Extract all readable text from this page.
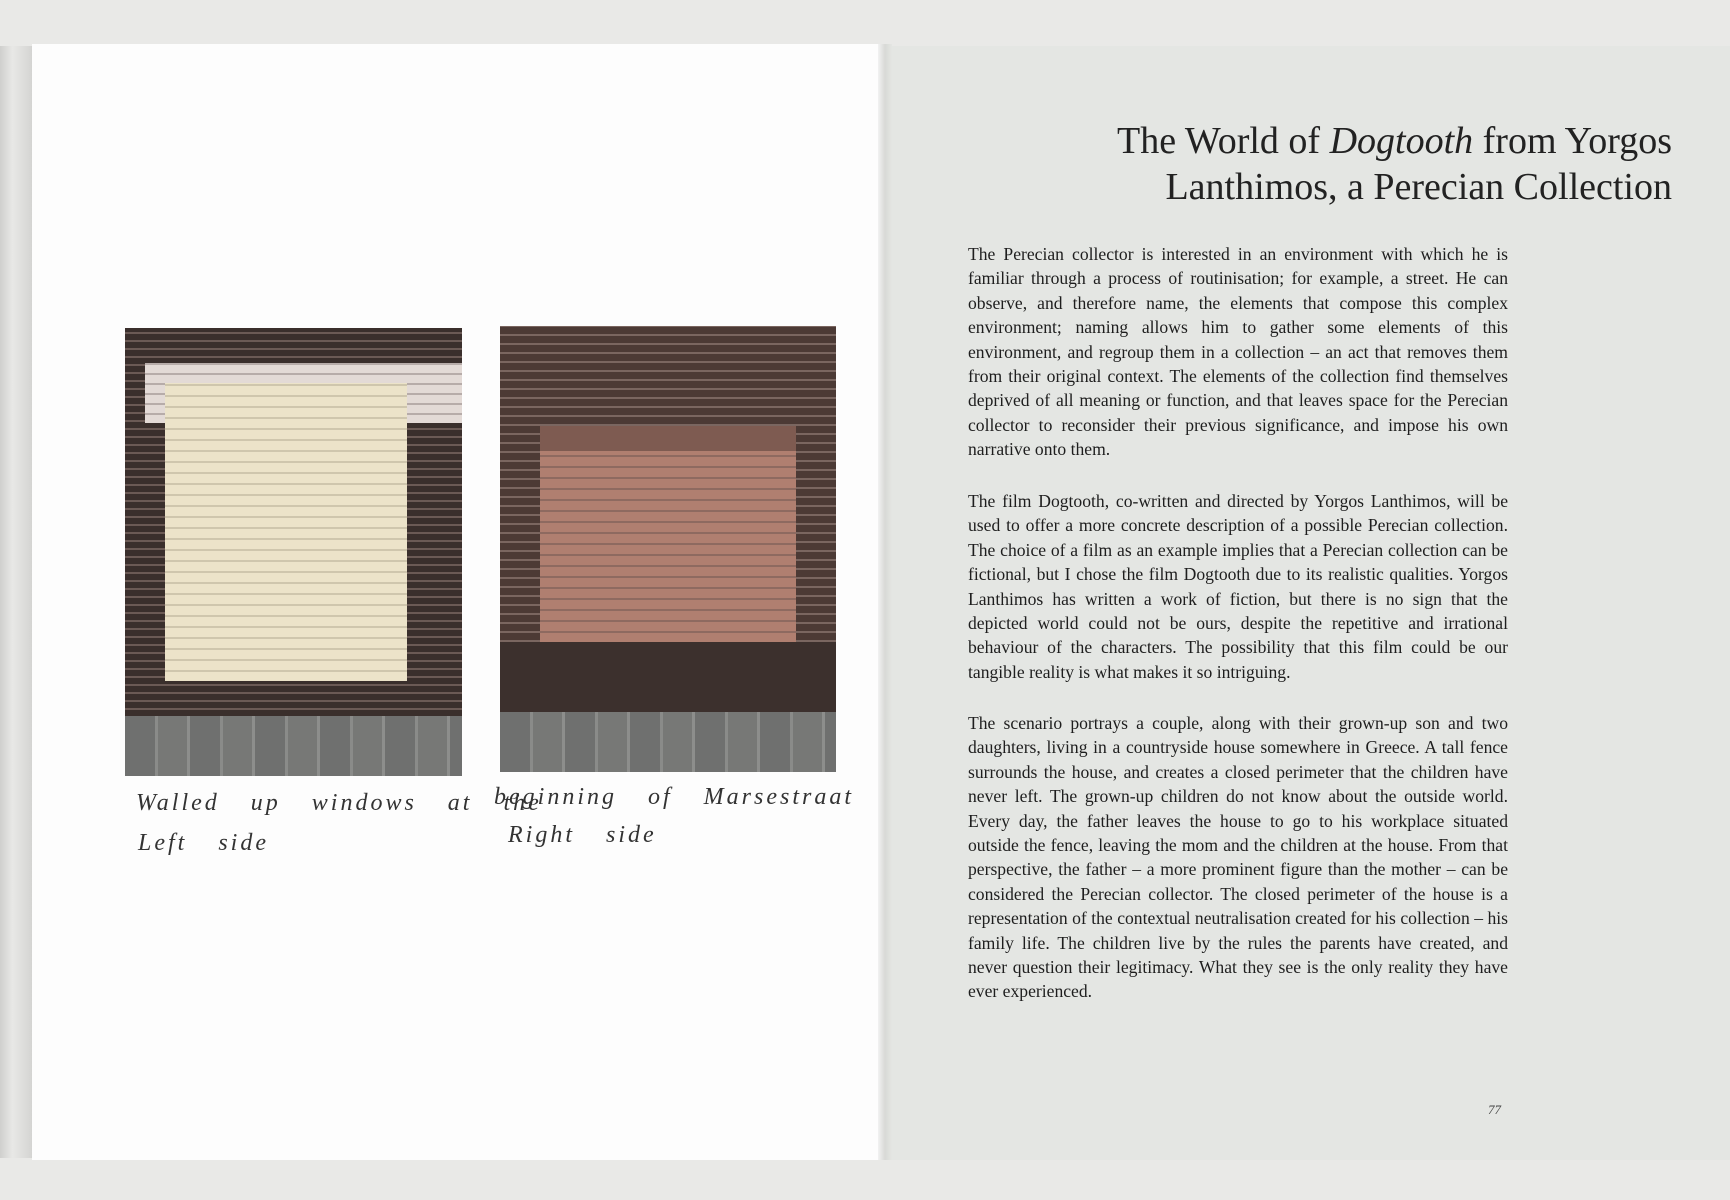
Walled up windows at the
beginning of Marsestraat
Left side	Right side
The World of Dogtooth from Yorgos Lanthimos, a Perecian Collection

The Perecian collector is interested in an environment with which he is familiar through a process of routinisation; for example, a street. He can observe, and therefore name, the elements that compose this complex environment; naming allows him to gather some elements of this environment, and regroup them in a collection – an act that removes them from their original context. The elements of the collection find themselves deprived of all meaning or function, and that leaves space for the Perecian collector to reconsider their previous significance, and impose his own narrative onto them.

The film Dogtooth, co-written and directed by Yorgos Lanthimos, will be used to offer a more concrete description of a possible Perecian collection. The choice of a film as an example implies that a Perecian collection can be fictional, but I chose the film Dogtooth due to its realistic qualities. Yorgos Lanthimos has written a work of fiction, but there is no sign that the depicted world could not be ours, despite the repetitive and irrational behaviour of the characters. The possibility that this film could be our tangible reality is what makes it so intriguing.

The scenario portrays a couple, along with their grown-up son and two daughters, living in a countryside house somewhere in Greece. A tall fence surrounds the house, and creates a closed perimeter that the children have never left. The grown-up children do not know about the outside world. Every day, the father leaves the house to go to his workplace situated outside the fence, leaving the mom and the children at the house. From that perspective, the father – a more prominent figure than the mother – can be considered the Perecian collector. The closed perimeter of the house is a representation of the contextual neutralisation created for his collection – his family life. The children live by the rules the parents have created, and never question their legitimacy. What they see is the only reality they have ever experienced.

77
